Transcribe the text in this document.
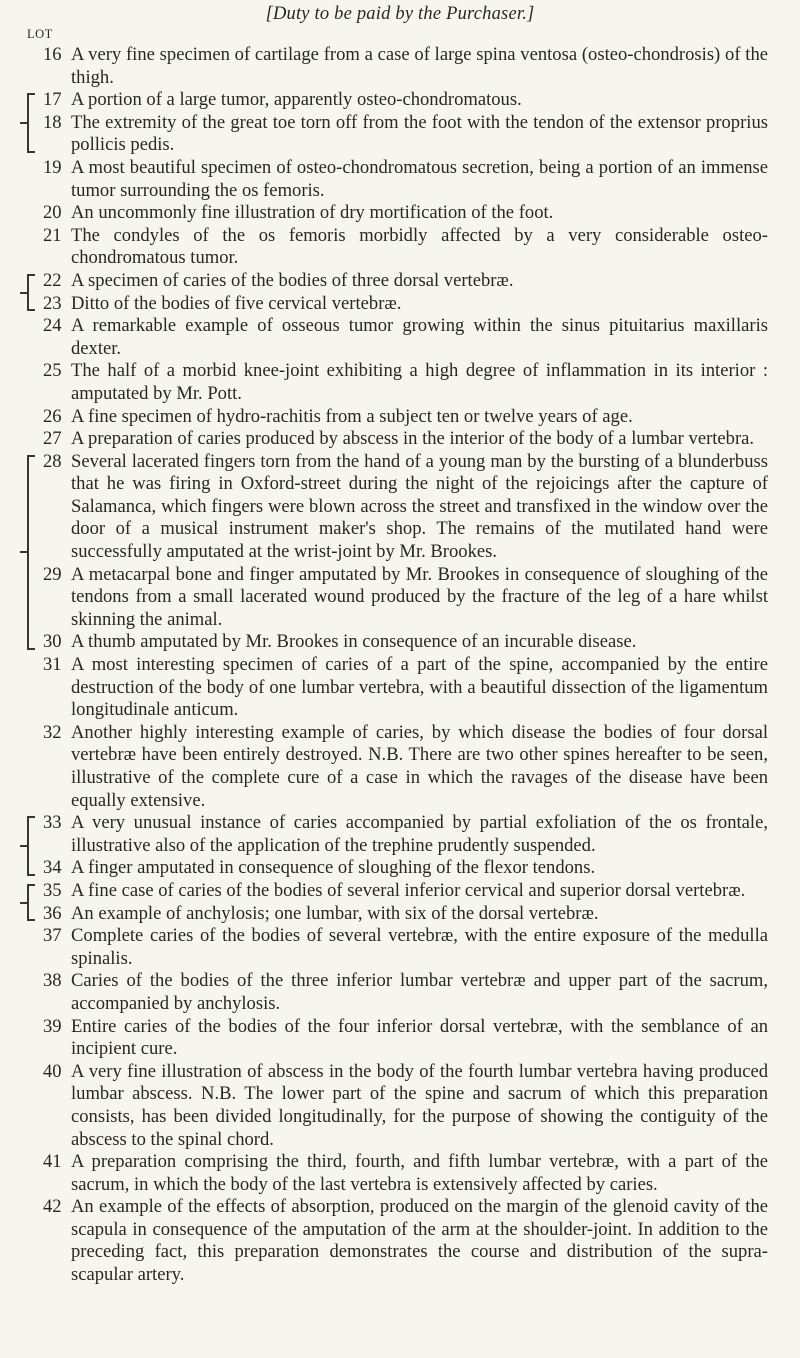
[Duty to be paid by the Purchaser.]
LOT
16 A very fine specimen of cartilage from a case of large spina ventosa (osteo-chondrosis) of the thigh.
17 A portion of a large tumor, apparently osteo-chondromatous.
18 The extremity of the great toe torn off from the foot with the tendon of the extensor proprius pollicis pedis.
19 A most beautiful specimen of osteo-chondromatous secretion, being a portion of an immense tumor surrounding the os femoris.
20 An uncommonly fine illustration of dry mortification of the foot.
21 The condyles of the os femoris morbidly affected by a very considerable osteo-chondromatous tumor.
22 A specimen of caries of the bodies of three dorsal vertebræ.
23 Ditto of the bodies of five cervical vertebræ.
24 A remarkable example of osseous tumor growing within the sinus pituitarius maxillaris dexter.
25 The half of a morbid knee-joint exhibiting a high degree of inflammation in its interior : amputated by Mr. Pott.
26 A fine specimen of hydro-rachitis from a subject ten or twelve years of age.
27 A preparation of caries produced by abscess in the interior of the body of a lumbar vertebra.
28 Several lacerated fingers torn from the hand of a young man by the bursting of a blunderbuss that he was firing in Oxford-street during the night of the rejoicings after the capture of Salamanca, which fingers were blown across the street and transfixed in the window over the door of a musical instrument maker's shop. The remains of the mutilated hand were successfully amputated at the wrist-joint by Mr. Brookes.
29 A metacarpal bone and finger amputated by Mr. Brookes in consequence of sloughing of the tendons from a small lacerated wound produced by the fracture of the leg of a hare whilst skinning the animal.
30 A thumb amputated by Mr. Brookes in consequence of an incurable disease.
31 A most interesting specimen of caries of a part of the spine, accompanied by the entire destruction of the body of one lumbar vertebra, with a beautiful dissection of the ligamentum longitudinale anticum.
32 Another highly interesting example of caries, by which disease the bodies of four dorsal vertebræ have been entirely destroyed. N.B. There are two other spines hereafter to be seen, illustrative of the complete cure of a case in which the ravages of the disease have been equally extensive.
33 A very unusual instance of caries accompanied by partial exfoliation of the os frontale, illustrative also of the application of the trephine prudently suspended.
34 A finger amputated in consequence of sloughing of the flexor tendons.
35 A fine case of caries of the bodies of several inferior cervical and superior dorsal vertebræ.
36 An example of anchylosis; one lumbar, with six of the dorsal vertebræ.
37 Complete caries of the bodies of several vertebræ, with the entire exposure of the medulla spinalis.
38 Caries of the bodies of the three inferior lumbar vertebræ and upper part of the sacrum, accompanied by anchylosis.
39 Entire caries of the bodies of the four inferior dorsal vertebræ, with the semblance of an incipient cure.
40 A very fine illustration of abscess in the body of the fourth lumbar vertebra having produced lumbar abscess. N.B. The lower part of the spine and sacrum of which this preparation consists, has been divided longitudinally, for the purpose of showing the contiguity of the abscess to the spinal chord.
41 A preparation comprising the third, fourth, and fifth lumbar vertebræ, with a part of the sacrum, in which the body of the last vertebra is extensively affected by caries.
42 An example of the effects of absorption, produced on the margin of the glenoid cavity of the scapula in consequence of the amputation of the arm at the shoulder-joint. In addition to the preceding fact, this preparation demonstrates the course and distribution of the supra-scapular artery.
